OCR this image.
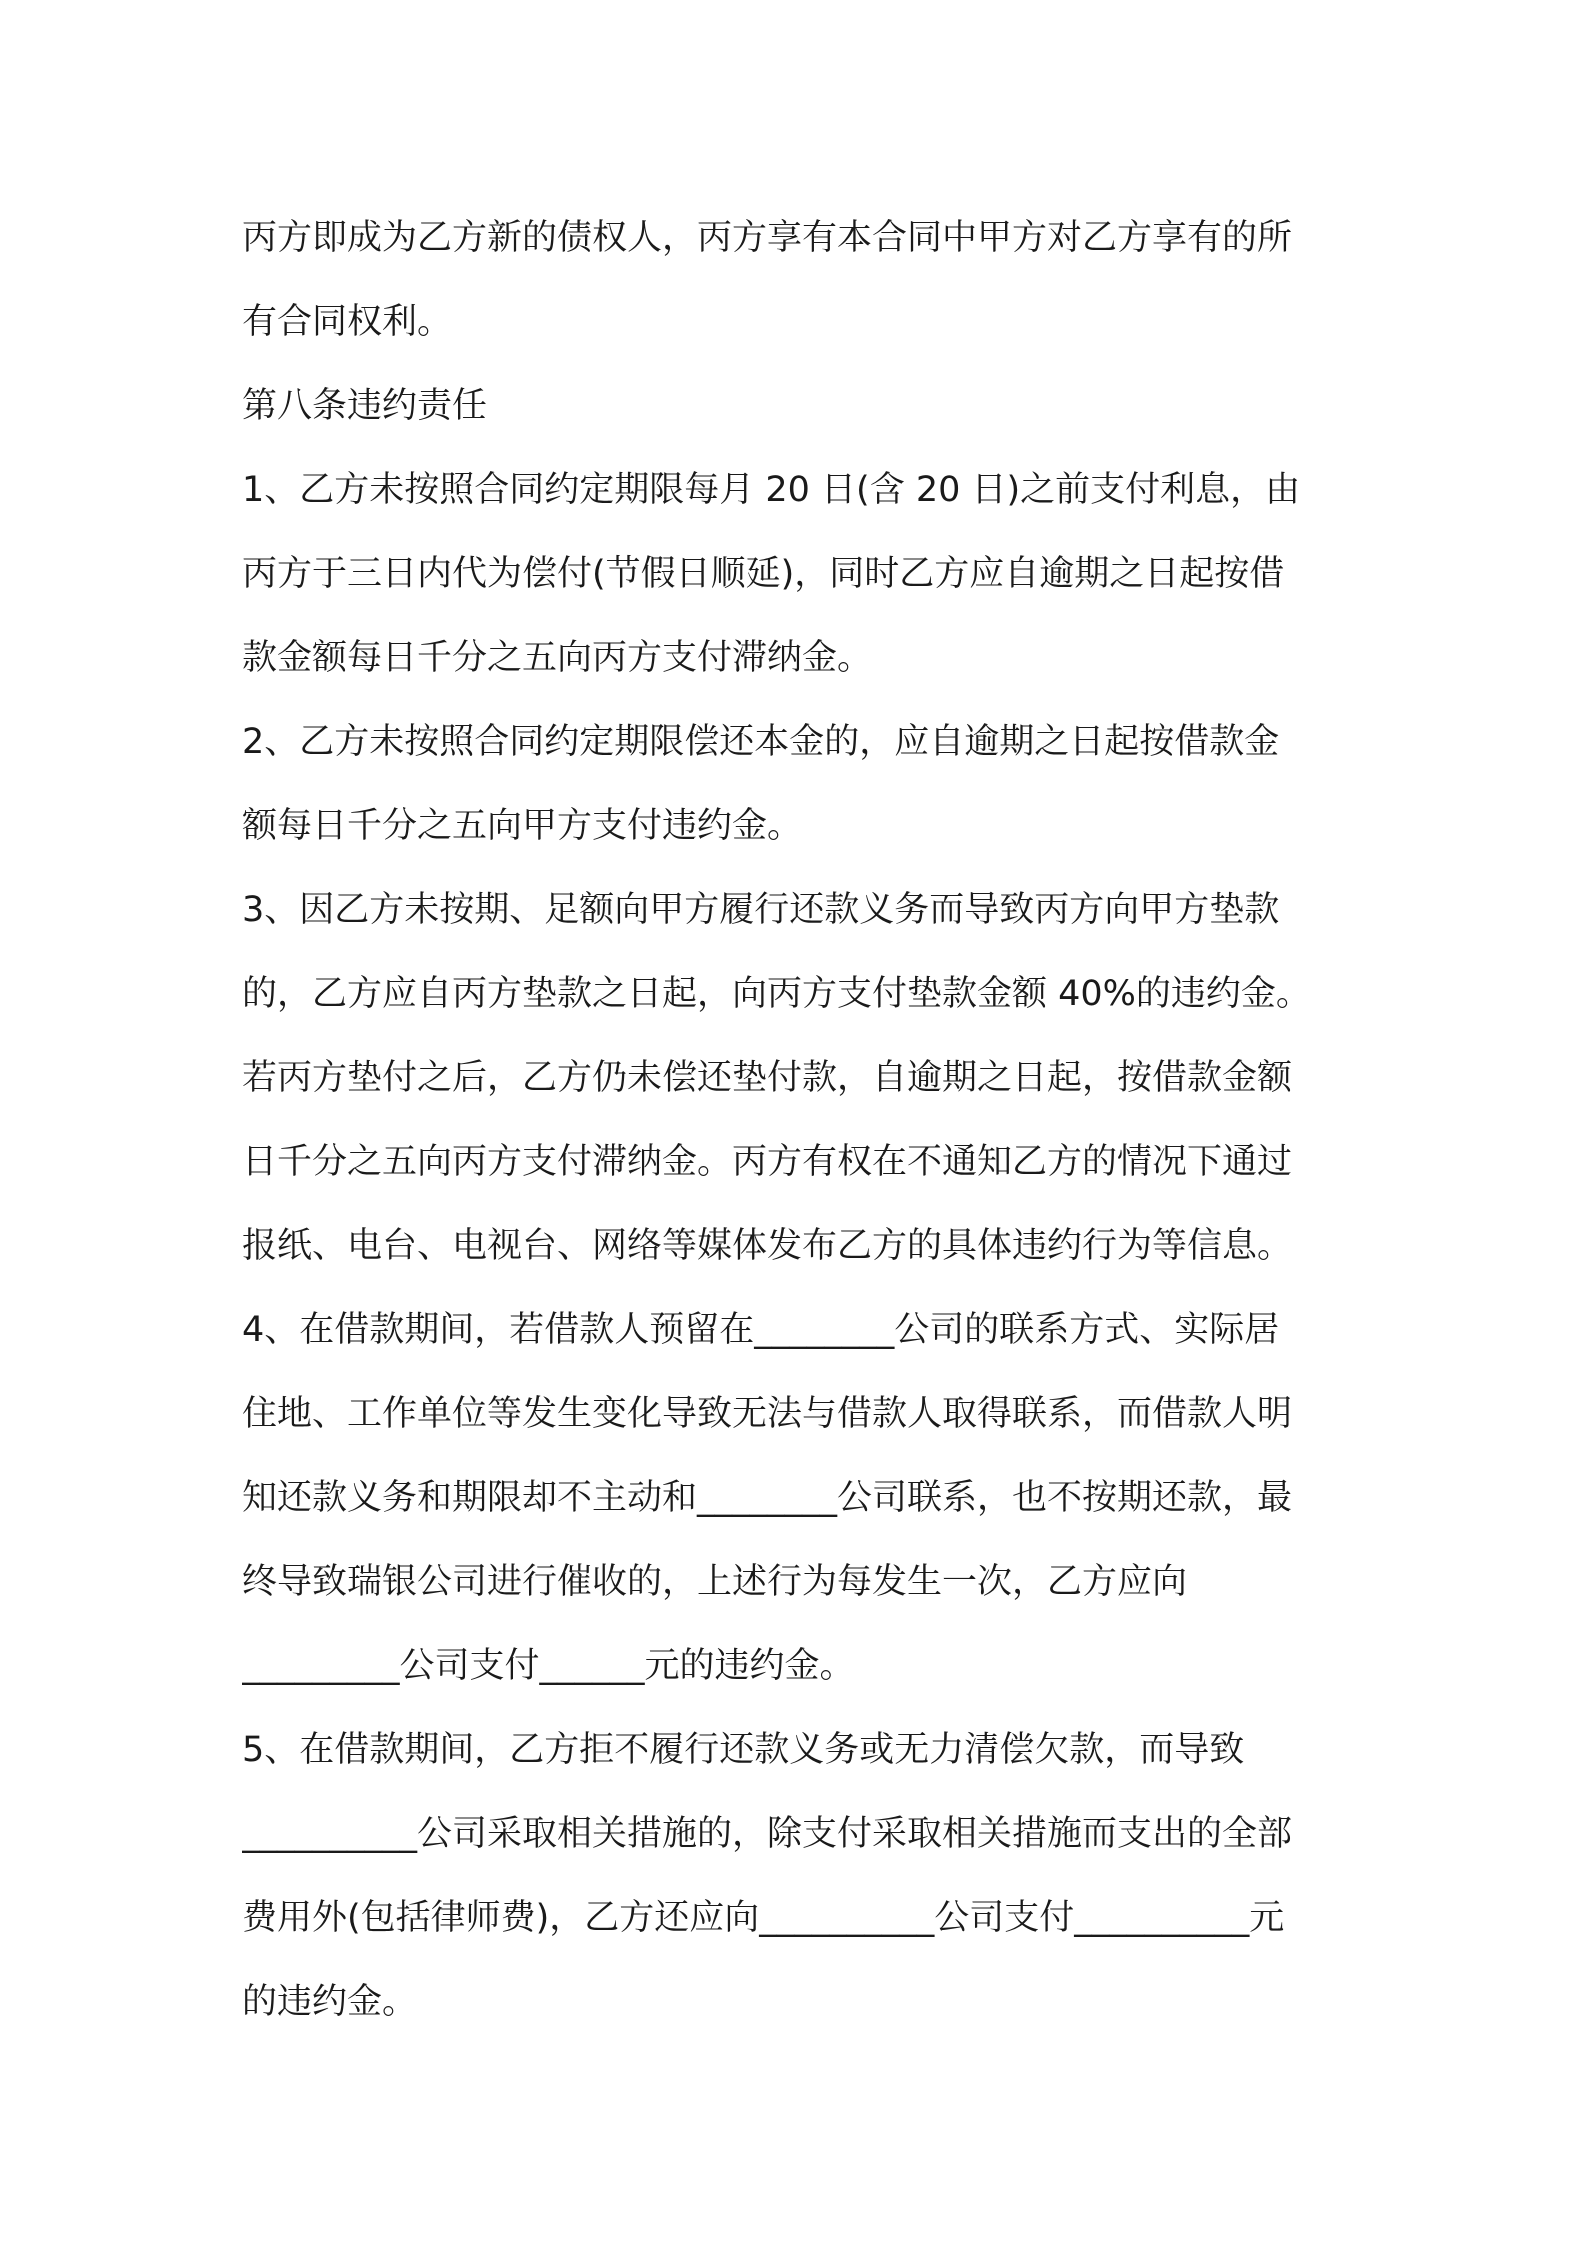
丙方即成为乙方新的债权人，丙方享有本合同中甲方对乙方享有的所
有合同权利。
第八条违约责任
1、乙方未按照合同约定期限每月 20 日(含 20 日)之前支付利息，由
丙方于三日内代为偿付(节假日顺延)，同时乙方应自逾期之日起按借
款金额每日千分之五向丙方支付滞纳金。
2、乙方未按照合同约定期限偿还本金的，应自逾期之日起按借款金
额每日千分之五向甲方支付违约金。
3、因乙方未按期、足额向甲方履行还款义务而导致丙方向甲方垫款
的，乙方应自丙方垫款之日起，向丙方支付垫款金额 40%的违约金。
若丙方垫付之后，乙方仍未偿还垫付款，自逾期之日起，按借款金额
日千分之五向丙方支付滞纳金。丙方有权在不通知乙方的情况下通过
报纸、电台、电视台、网络等媒体发布乙方的具体违约行为等信息。
4、在借款期间，若借款人预留在________公司的联系方式、实际居
住地、工作单位等发生变化导致无法与借款人取得联系，而借款人明
知还款义务和期限却不主动和________公司联系，也不按期还款，最
终导致瑞银公司进行催收的，上述行为每发生一次，乙方应向
_________公司支付______元的违约金。
5、在借款期间，乙方拒不履行还款义务或无力清偿欠款，而导致
__________公司采取相关措施的，除支付采取相关措施而支出的全部
费用外(包括律师费)，乙方还应向__________公司支付__________元
的违约金。
